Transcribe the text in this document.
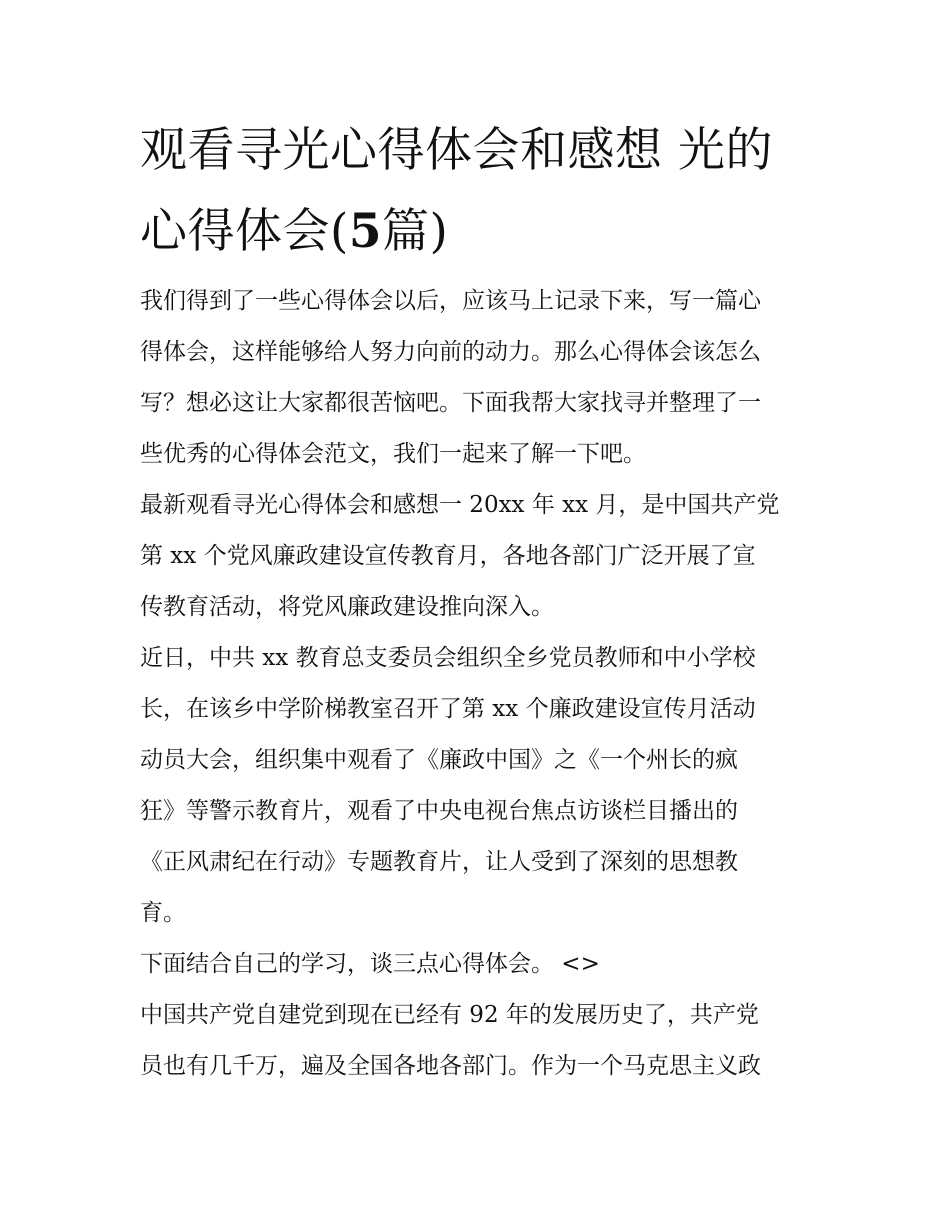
观看寻光心得体会和感想 光的
心得体会(5篇)

我们得到了一些心得体会以后，应该马上记录下来，写一篇心
得体会，这样能够给人努力向前的动力。那么心得体会该怎么
写？想必这让大家都很苦恼吧。下面我帮大家找寻并整理了一
些优秀的心得体会范文，我们一起来了解一下吧。

最新观看寻光心得体会和感想一 20xx 年 xx 月，是中国共产党
第 xx 个党风廉政建设宣传教育月，各地各部门广泛开展了宣
传教育活动，将党风廉政建设推向深入。

近日，中共 xx 教育总支委员会组织全乡党员教师和中小学校
长，在该乡中学阶梯教室召开了第 xx 个廉政建设宣传月活动
动员大会，组织集中观看了《廉政中国》之《一个州长的疯
狂》等警示教育片，观看了中央电视台焦点访谈栏目播出的
《正风肃纪在行动》专题教育片，让人受到了深刻的思想教
育。

下面结合自己的学习，谈三点心得体会。 <>

中国共产党自建党到现在已经有 92 年的发展历史了，共产党
员也有几千万，遍及全国各地各部门。作为一个马克思主义政
